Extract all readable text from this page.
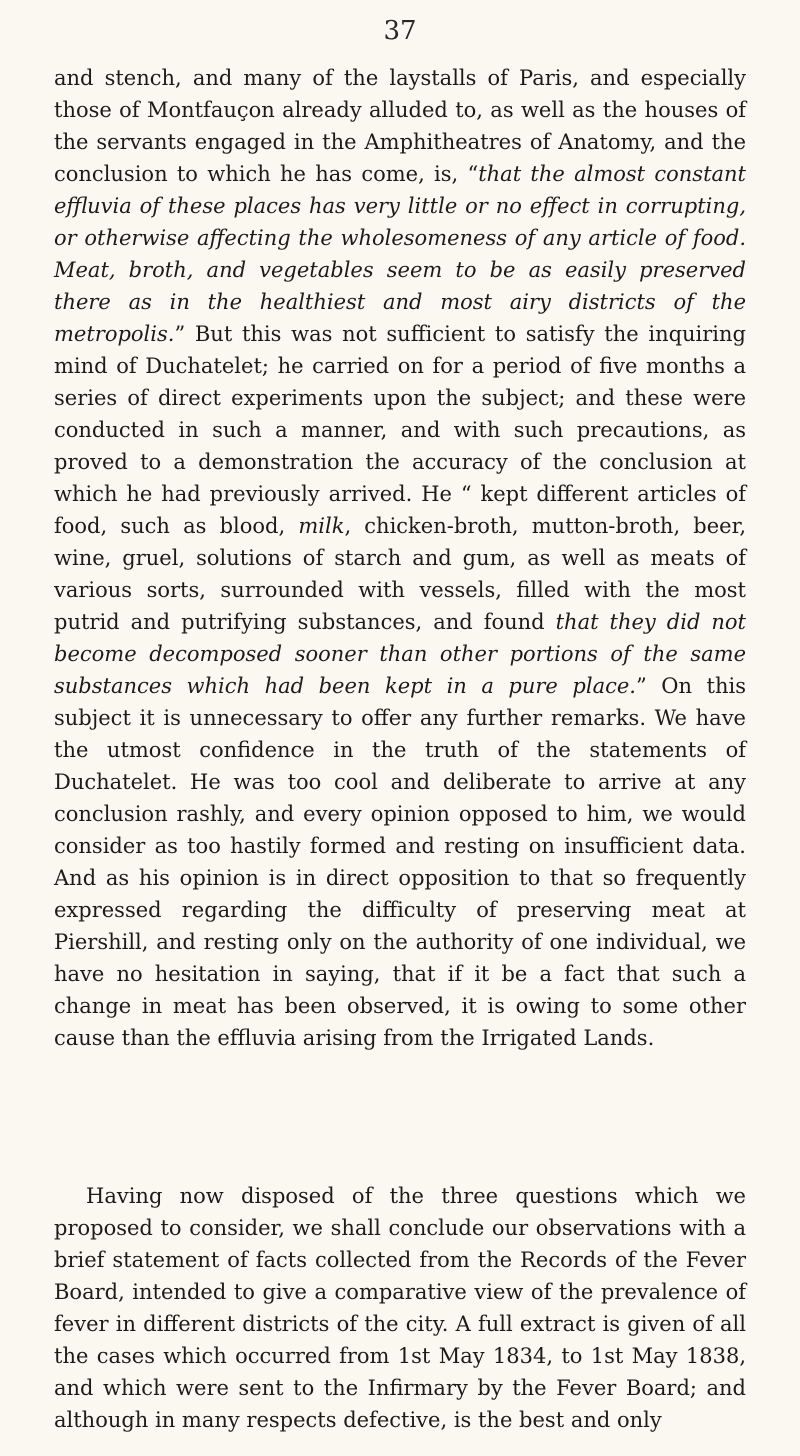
37

and stench, and many of the laystalls of Paris, and especially those of Montfauçon already alluded to, as well as the houses of the servants engaged in the Amphitheatres of Anatomy, and the conclusion to which he has come, is, “that the almost constant effluvia of these places has very little or no effect in corrupting, or otherwise affecting the wholesomeness of any article of food. Meat, broth, and vegetables seem to be as easily preserved there as in the healthiest and most airy districts of the metropolis.” But this was not sufficient to satisfy the inquiring mind of Duchatelet; he carried on for a period of five months a series of direct experiments upon the subject; and these were conducted in such a manner, and with such precautions, as proved to a demonstration the accuracy of the conclusion at which he had previously arrived. He “ kept different articles of food, such as blood, milk, chicken-broth, mutton-broth, beer, wine, gruel, solutions of starch and gum, as well as meats of various sorts, surrounded with vessels, filled with the most putrid and putrifying substances, and found that they did not become decomposed sooner than other portions of the same substances which had been kept in a pure place.” On this subject it is unnecessary to offer any further remarks. We have the utmost confidence in the truth of the statements of Duchatelet. He was too cool and deliberate to arrive at any conclusion rashly, and every opinion opposed to him, we would consider as too hastily formed and resting on insufficient data. And as his opinion is in direct opposition to that so frequently expressed regarding the difficulty of preserving meat at Piershill, and resting only on the authority of one individual, we have no hesitation in saying, that if it be a fact that such a change in meat has been observed, it is owing to some other cause than the effluvia arising from the Irrigated Lands.

Having now disposed of the three questions which we proposed to consider, we shall conclude our observations with a brief statement of facts collected from the Records of the Fever Board, intended to give a comparative view of the prevalence of fever in different districts of the city. A full extract is given of all the cases which occurred from 1st May 1834, to 1st May 1838, and which were sent to the Infirmary by the Fever Board; and although in many respects defective, is the best and only
